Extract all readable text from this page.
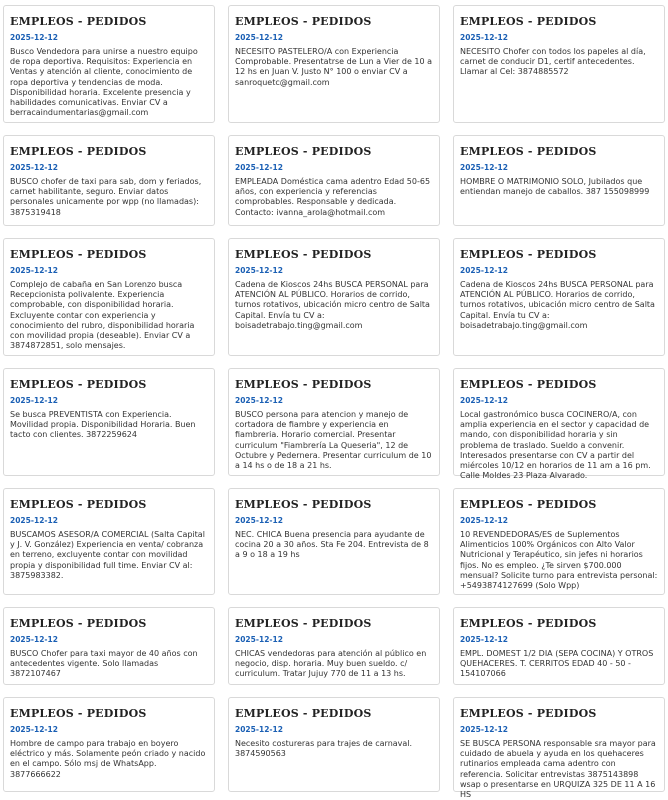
EMPLEOS - PEDIDOS
2025-12-12
Busco Vendedora para unirse a nuestro equipo de ropa deportiva. Requisitos: Experiencia en Ventas y atención al cliente, conocimiento de ropa deportiva y tendencias de moda. Disponibilidad horaria. Excelente presencia y habilidades comunicativas. Enviar CV a berracaindumentarias@gmail.com
EMPLEOS - PEDIDOS
2025-12-12
NECESITO PASTELERO/A con Experiencia Comprobable. Presentatrse de Lun a Vier de 10 a 12 hs en Juan V. Justo N° 100 o enviar CV a sanroquetc@gmail.com
EMPLEOS - PEDIDOS
2025-12-12
NECESITO Chofer con todos los papeles al día, carnet de conducir D1, certif antecedentes. Llamar al Cel: 3874885572
EMPLEOS - PEDIDOS
2025-12-12
BUSCO chofer de taxi para sab, dom y feriados, carnet habilitante, seguro. Enviar datos personales unicamente por wpp (no llamadas): 3875319418
EMPLEOS - PEDIDOS
2025-12-12
EMPLEADA Doméstica cama adentro Edad 50-65 años, con experiencia y referencias comprobables. Responsable y dedicada. Contacto: ivanna_arola@hotmail.com
EMPLEOS - PEDIDOS
2025-12-12
HOMBRE O MATRIMONIO SOLO, Jubilados que entiendan manejo de caballos. 387 155098999
EMPLEOS - PEDIDOS
2025-12-12
Complejo de cabaña en San Lorenzo busca Recepcionista polivalente. Experiencia comprobable, con disponibilidad horaria. Excluyente contar con experiencia y conocimiento del rubro, disponibilidad horaria con movilidad propia (deseable). Enviar CV a 3874872851, solo mensajes.
EMPLEOS - PEDIDOS
2025-12-12
Cadena de Kioscos 24hs BUSCA PERSONAL para ATENCIÓN AL PÚBLICO. Horarios de corrido, turnos rotativos, ubicación micro centro de Salta Capital. Envía tu CV a: boisadetrabajo.ting@gmail.com
EMPLEOS - PEDIDOS
2025-12-12
Cadena de Kioscos 24hs BUSCA PERSONAL para ATENCIÓN AL PÚBLICO. Horarios de corrido, turnos rotativos, ubicación micro centro de Salta Capital. Envía tu CV a: boisadetrabajo.ting@gmail.com
EMPLEOS - PEDIDOS
2025-12-12
Se busca PREVENTISTA con Experiencia. Movilidad propia. Disponibilidad Horaria. Buen tacto con clientes. 3872259624
EMPLEOS - PEDIDOS
2025-12-12
BUSCO persona para atencion y manejo de cortadora de fiambre y experiencia en fiambreria. Horario comercial. Presentar curriculum "Fiambrería La Queseria", 12 de Octubre y Pedernera. Presentar curriculum de 10 a 14 hs o de 18 a 21 hs.
EMPLEOS - PEDIDOS
2025-12-12
Local gastronómico busca COCINERO/A, con amplia experiencia en el sector y capacidad de mando, con disponibilidad horaria y sin problema de traslado. Sueldo a convenir. Interesados presentarse con CV a partir del miércoles 10/12 en horarios de 11 am a 16 pm. Calle Moldes 23 Plaza Alvarado.
EMPLEOS - PEDIDOS
2025-12-12
BUSCAMOS ASESOR/A COMERCIAL (Salta Capital y J. V. González) Experiencia en venta/ cobranza en terreno, excluyente contar con movilidad propia y disponibilidad full time. Enviar CV al: 3875983382.
EMPLEOS - PEDIDOS
2025-12-12
NEC. CHICA Buena presencia para ayudante de cocina 20 a 30 años. Sta Fe 204. Entrevista de 8 a 9 o 18 a 19 hs
EMPLEOS - PEDIDOS
2025-12-12
10 REVENDEDORAS/ES de Suplementos Alimenticios 100% Orgánicos con Alto Valor Nutricional y Terapéutico, sin jefes ni horarios fijos. No es empleo. ¿Te sirven $700.000 mensual? Solicite turno para entrevista personal: +5493874127699 (Solo Wpp)
EMPLEOS - PEDIDOS
2025-12-12
BUSCO Chofer para taxi mayor de 40 años con antecedentes vigente. Solo llamadas 3872107467
EMPLEOS - PEDIDOS
2025-12-12
CHICAS vendedoras para atención al público en negocio, disp. horaria. Muy buen sueldo. c/ curriculum. Tratar Jujuy 770 de 11 a 13 hs.
EMPLEOS - PEDIDOS
2025-12-12
EMPL. DOMEST 1/2 DIA (SEPA COCINA) Y OTROS QUEHACERES. T. CERRITOS EDAD 40 - 50 - 154107066
EMPLEOS - PEDIDOS
2025-12-12
Hombre de campo para trabajo en boyero eléctrico y más. Solamente peón criado y nacido en el campo. Sólo msj de WhatsApp. 3877666622
EMPLEOS - PEDIDOS
2025-12-12
Necesito costureras para trajes de carnaval. 3874590563
EMPLEOS - PEDIDOS
2025-12-12
SE BUSCA PERSONA responsable sra mayor para cuidado de abuela y ayuda en los quehaceres rutinarios empleada cama adentro con referencia. Solicitar entrevistas 3875143898 wsap o presentarse en URQUIZA 325 DE 11 A 16 HS
